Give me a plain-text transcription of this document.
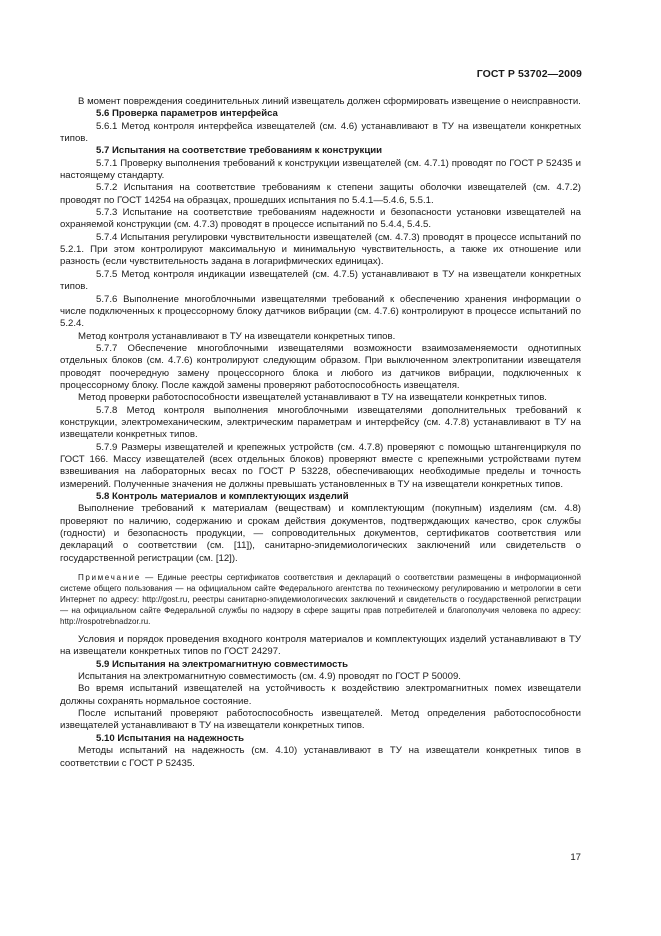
ГОСТ Р 53702—2009

В момент повреждения соединительных линий извещатель должен сформировать извещение о неисправности.

5.6 Проверка параметров интерфейса

5.6.1 Метод контроля интерфейса извещателей (см. 4.6) устанавливают в ТУ на извещатели конкретных типов.

5.7 Испытания на соответствие требованиям к конструкции

5.7.1 Проверку выполнения требований к конструкции извещателей (см. 4.7.1) проводят по ГОСТ Р 52435 и настоящему стандарту.

5.7.2 Испытания на соответствие требованиям к степени защиты оболочки извещателей (см. 4.7.2) проводят по ГОСТ 14254 на образцах, прошедших испытания по 5.4.1—5.4.6, 5.5.1.

5.7.3 Испытание на соответствие требованиям надежности и безопасности установки извещателей на охраняемой конструкции (см. 4.7.3) проводят в процессе испытаний по 5.4.4, 5.4.5.

5.7.4 Испытания регулировки чувствительности извещателей (см. 4.7.3) проводят в процессе испытаний по 5.2.1. При этом контролируют максимальную и минимальную чувствительность, а также их отношение или разность (если чувствительность задана в логарифмических единицах).

5.7.5 Метод контроля индикации извещателей (см. 4.7.5) устанавливают в ТУ на извещатели конкретных типов.

5.7.6 Выполнение многоблочными извещателями требований к обеспечению хранения информации о числе подключенных к процессорному блоку датчиков вибрации (см. 4.7.6) контролируют в процессе испытаний по 5.2.4.

Метод контроля устанавливают в ТУ на извещатели конкретных типов.

5.7.7 Обеспечение многоблочными извещателями возможности взаимозаменяемости однотипных отдельных блоков (см. 4.7.6) контролируют следующим образом. При выключенном электропитании извещателя проводят поочередную замену процессорного блока и любого из датчиков вибрации, подключенных к процессорному блоку. После каждой замены проверяют работоспособность извещателя.

Метод проверки работоспособности извещателей устанавливают в ТУ на извещатели конкретных типов.

5.7.8 Метод контроля выполнения многоблочными извещателями дополнительных требований к конструкции, электромеханическим, электрическим параметрам и интерфейсу (см. 4.7.8) устанавливают в ТУ на извещатели конкретных типов.

5.7.9 Размеры извещателей и крепежных устройств (см. 4.7.8) проверяют с помощью штангенциркуля по ГОСТ 166. Массу извещателей (всех отдельных блоков) проверяют вместе с крепежными устройствами путем взвешивания на лабораторных весах по ГОСТ Р 53228, обеспечивающих необходимые пределы и точность измерений. Полученные значения не должны превышать установленных в ТУ на извещатели конкретных типов.

5.8 Контроль материалов и комплектующих изделий

Выполнение требований к материалам (веществам) и комплектующим (покупным) изделиям (см. 4.8) проверяют по наличию, содержанию и срокам действия документов, подтверждающих качество, срок службы (годности) и безопасность продукции, — сопроводительных документов, сертификатов соответствия или деклараций о соответствии (см. [11]), санитарно-эпидемиологических заключений или свидетельств о государственной регистрации (см. [12]).

Примечание — Единые реестры сертификатов соответствия и деклараций о соответствии размещены в информационной системе общего пользования — на официальном сайте Федерального агентства по техническому регулированию и метрологии в сети Интернет по адресу: http://gost.ru, реестры санитарно-эпидемиологических заключений и свидетельств о государственной регистрации — на официальном сайте Федеральной службы по надзору в сфере защиты прав потребителей и благополучия человека по адресу: http://rospotrebnadzor.ru.

Условия и порядок проведения входного контроля материалов и комплектующих изделий устанавливают в ТУ на извещатели конкретных типов по ГОСТ 24297.

5.9 Испытания на электромагнитную совместимость

Испытания на электромагнитную совместимость (см. 4.9) проводят по ГОСТ Р 50009.

Во время испытаний извещателей на устойчивость к воздействию электромагнитных помех извещатели должны сохранять нормальное состояние.

После испытаний проверяют работоспособность извещателей. Метод определения работоспособности извещателей устанавливают в ТУ на извещатели конкретных типов.

5.10 Испытания на надежность

Методы испытаний на надежность (см. 4.10) устанавливают в ТУ на извещатели конкретных типов в соответствии с ГОСТ Р 52435.

17
